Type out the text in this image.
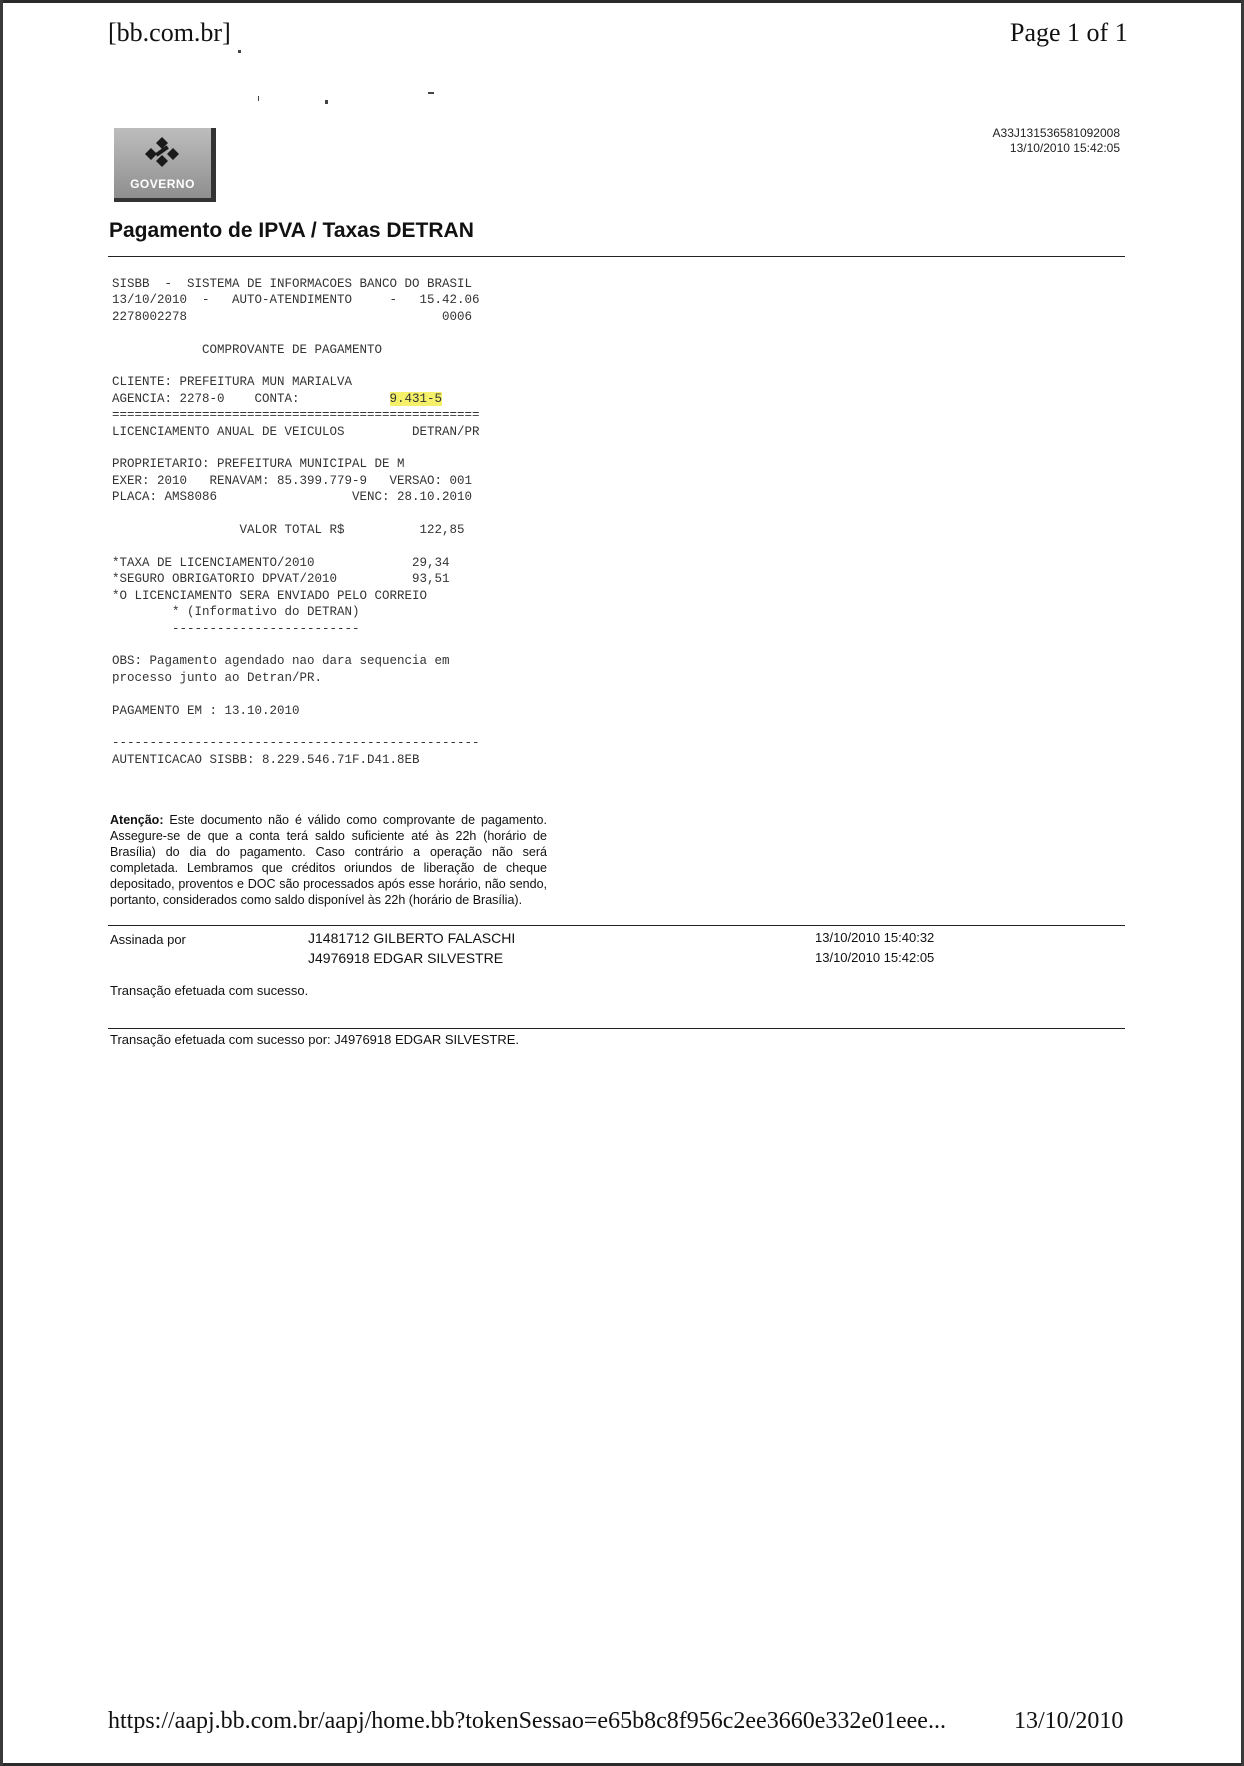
[bb.com.br]	Page 1 of 1
GOVERNO
A33J131536581092008
13/10/2010 15:42:05
Pagamento de IPVA / Taxas DETRAN
SISBB  -  SISTEMA DE INFORMACOES BANCO DO BRASIL
13/10/2010  -   AUTO-ATENDIMENTO     -   15.42.06
2278002278                                  0006

COMPROVANTE DE PAGAMENTO

CLIENTE: PREFEITURA MUN MARIALVA
AGENCIA: 2278-0    CONTA:            9.431-5
=================================================
LICENCIAMENTO ANUAL DE VEICULOS         DETRAN/PR

PROPRIETARIO: PREFEITURA MUNICIPAL DE M
EXER: 2010   RENAVAM: 85.399.779-9   VERSAO: 001
PLACA: AMS8086                  VENC: 28.10.2010

VALOR TOTAL R$          122,85

*TAXA DE LICENCIAMENTO/2010             29,34
*SEGURO OBRIGATORIO DPVAT/2010          93,51
*O LICENCIAMENTO SERA ENVIADO PELO CORREIO
* (Informativo do DETRAN)
-------------------------

OBS: Pagamento agendado nao dara sequencia em
processo junto ao Detran/PR.

PAGAMENTO EM : 13.10.2010

-------------------------------------------------
AUTENTICACAO SISBB: 8.229.546.71F.D41.8EB
Atenção: Este documento não é válido como comprovante de pagamento. Assegure-se de que a conta terá saldo suficiente até às 22h (horário de Brasília) do dia do pagamento. Caso contrário a operação não será completada. Lembramos que créditos oriundos de liberação de cheque depositado, proventos e DOC são processados após esse horário, não sendo, portanto, considerados como saldo disponível às 22h (horário de Brasília).
Assinada por	J1481712 GILBERTO FALASCHI	13/10/2010 15:40:32
J4976918 EDGAR SILVESTRE	13/10/2010 15:42:05
Transação efetuada com sucesso.
Transação efetuada com sucesso por: J4976918 EDGAR SILVESTRE.
https://aapj.bb.com.br/aapj/home.bb?tokenSessao=e65b8c8f956c2ee3660e332e01eee...	13/10/2010
